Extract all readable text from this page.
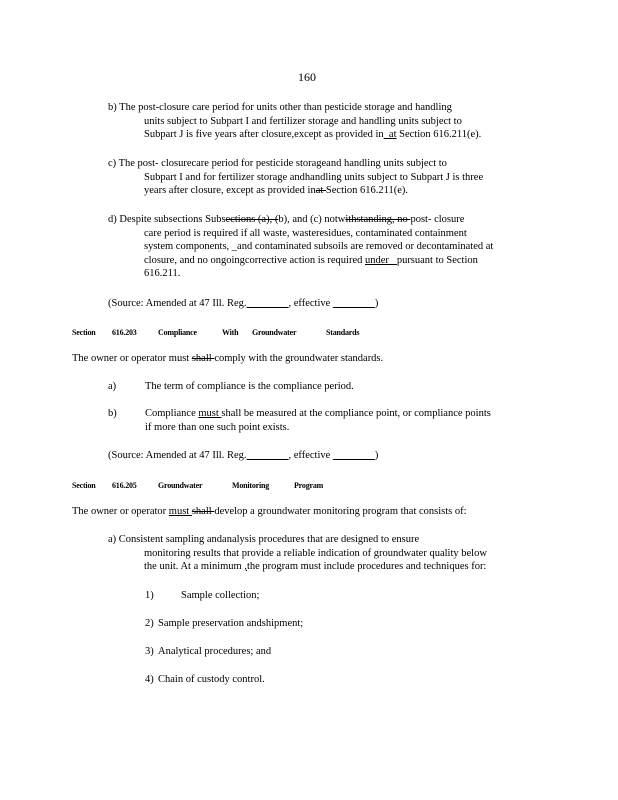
160
b) The post-closure care period for units other than pesticide storage and handling
units subject to Subpart I and fertilizer storage and handling units subject to
Subpart J is five years after closure,except as provided in_at Section 616.211(e).
c) The post- closurecare period for pesticide storageand handling units subject to
Subpart I and for fertilizer storage andhandling units subject to Subpart J is three
years after closure, except as provided inat Section 616.211(e).
d) Despite subsections Subsections (a), (b), and (c) notwithstanding, no post- closure
care period is required if all waste, wasteresidues, contaminated containment
system components, _and contaminated subsoils are removed or decontaminated at
closure, and no ongoingcorrective action is required under _pursuant to Section
616.211.
(Source: Amended at 47 Ill. Reg.________, effective ________)
Section 616.203	Compliance	With Groundwater	Standards
The owner or operator must shall comply with the groundwater standards.
a)	The term of compliance is the compliance period.
b)	Compliance must shall be measured at the compliance point, or compliance points
if more than one such point exists.
(Source: Amended at 47 Ill. Reg.________, effective ________)
Section 616.205	Groundwater	Monitoring	Program
The owner or operator must shall develop a groundwater monitoring program that consists of:
a) Consistent sampling andanalysis procedures that are designed to ensure
monitoring results that provide a reliable indication of groundwater quality below
the unit. At a minimum ,the program must include procedures and techniques for:
1)	Sample collection;
2) Sample preservation andshipment;
3) Analytical procedures; and
4) Chain of custody control.
